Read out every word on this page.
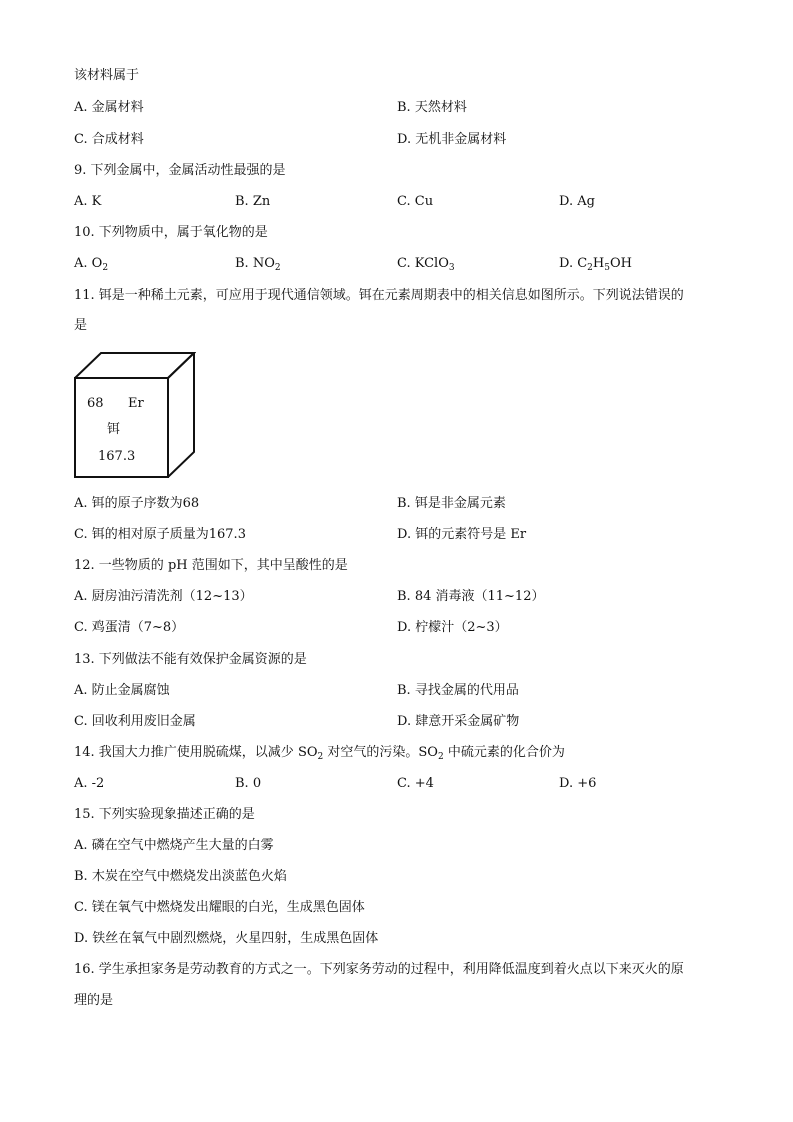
该材料属于
A. 金属材料	B. 天然材料
C. 合成材料	D. 无机非金属材料
9. 下列金属中，金属活动性最强的是
A. K	B. Zn	C. Cu	D. Ag
10. 下列物质中，属于氧化物的是
A. $O_2$	B. $NO_2$	C. KClO$_3$	D. $C_2H_5OH$
11. 铒是一种稀土元素，可应用于现代通信领域。铒在元素周期表中的相关信息如图所示。下列说法错误的
是
68 Er
铒
167.3
A. 铒的原子序数为68	B. 铒是非金属元素
C. 铒的相对原子质量为167.3	D. 铒的元素符号是 Er
12. 一些物质的 pH 范围如下，其中呈酸性的是
A. 厨房油污清洗剂（12~13）	B. 84 消毒液（11~12）
C. 鸡蛋清（7~8）	D. 柠檬汁（2~3）
13. 下列做法不能有效保护金属资源的是
A. 防止金属腐蚀	B. 寻找金属的代用品
C. 回收利用废旧金属	D. 肆意开采金属矿物
14. 我国大力推广使用脱硫煤，以减少 $SO_2$ 对空气的污染。$SO_2$ 中硫元素的化合价为
A. -2	B. 0	C. +4	D. +6
15. 下列实验现象描述正确的是
A. 磷在空气中燃烧产生大量的白雾
B. 木炭在空气中燃烧发出淡蓝色火焰
C. 镁在氧气中燃烧发出耀眼的白光，生成黑色固体
D. 铁丝在氧气中剧烈燃烧，火星四射，生成黑色固体
16. 学生承担家务是劳动教育的方式之一。下列家务劳动的过程中，利用降低温度到着火点以下来灭火的原
理的是
